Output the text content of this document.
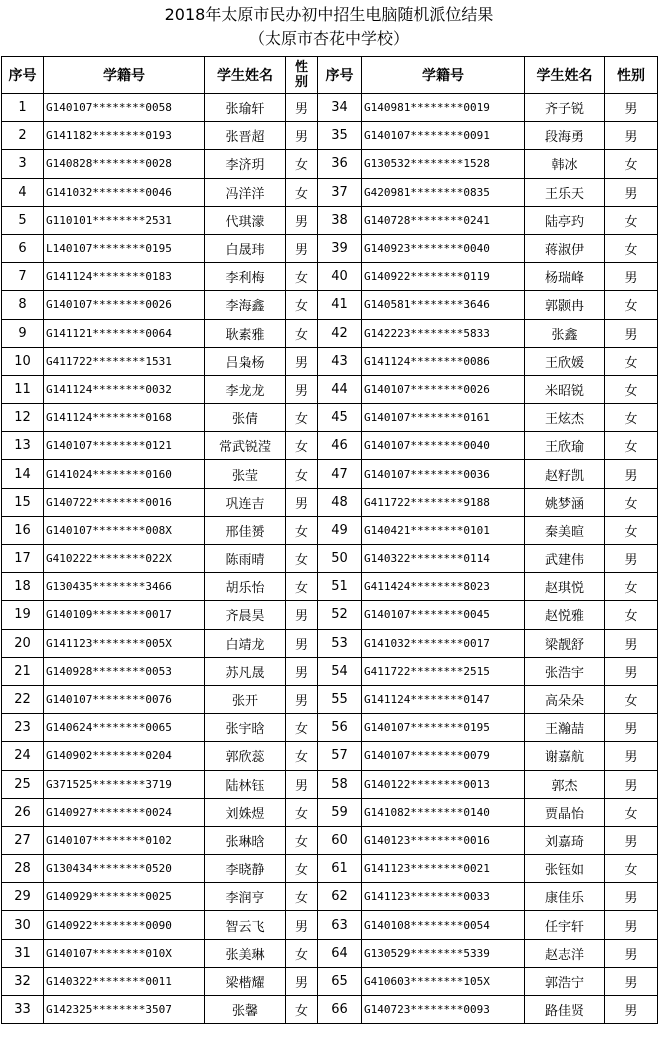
2018年太原市民办初中招生电脑随机派位结果
（太原市杏花中学校）
序号	学籍号	学生姓名	性别	序号	学籍号	学生姓名	性别
1	G140107********0058	张瑜轩	男	34	G140981********0019	齐子锐	男
2	G141182********0193	张晋超	男	35	G140107********0091	段海勇	男
3	G140828********0028	李济玥	女	36	G130532********1528	韩冰	女
4	G141032********0046	冯洋洋	女	37	G420981********0835	王乐天	男
5	G110101********2531	代琪濛	男	38	G140728********0241	陆亭玓	女
6	L140107********0195	白晟玮	男	39	G140923********0040	蒋淑伊	女
7	G141124********0183	李利梅	女	40	G140922********0119	杨瑞峰	男
8	G140107********0026	李海鑫	女	41	G140581********3646	郭颢冉	女
9	G141121********0064	耿素雅	女	42	G142223********5833	张鑫	男
10	G411722********1531	吕枭杨	男	43	G141124********0086	王欣媛	女
11	G141124********0032	李龙龙	男	44	G140107********0026	米昭锐	女
12	G141124********0168	张倩	女	45	G140107********0161	王炫杰	女
13	G140107********0121	常武锐滢	女	46	G140107********0040	王欣瑜	女
14	G141024********0160	张莹	女	47	G140107********0036	赵籽凯	男
15	G140722********0016	巩连吉	男	48	G411722********9188	姚梦涵	女
16	G140107********008X	邢佳赟	女	49	G140421********0101	秦美暄	女
17	G410222********022X	陈雨晴	女	50	G140322********0114	武建伟	男
18	G130435********3466	胡乐怡	女	51	G411424********8023	赵琪悦	女
19	G140109********0017	齐晨昊	男	52	G140107********0045	赵悦雅	女
20	G141123********005X	白靖龙	男	53	G141032********0017	梁靓舒	男
21	G140928********0053	苏凡晟	男	54	G411722********2515	张浩宇	男
22	G140107********0076	张开	男	55	G141124********0147	高朵朵	女
23	G140624********0065	张宇晗	女	56	G140107********0195	王瀚喆	男
24	G140902********0204	郭欣蕊	女	57	G140107********0079	谢嘉航	男
25	G371525********3719	陆林钰	男	58	G140122********0013	郭杰	男
26	G140927********0024	刘姝煜	女	59	G141082********0140	贾晶怡	女
27	G140107********0102	张琳晗	女	60	G140123********0016	刘嘉琦	男
28	G130434********0520	李晓静	女	61	G141123********0021	张钰如	女
29	G140929********0025	李润亨	女	62	G141123********0033	康佳乐	男
30	G140922********0090	智云飞	男	63	G140108********0054	任宇轩	男
31	G140107********010X	张美琳	女	64	G130529********5339	赵志洋	男
32	G140322********0011	梁楷耀	男	65	G410603********105X	郭浩宁	男
33	G142325********3507	张馨	女	66	G140723********0093	路佳贤	男
